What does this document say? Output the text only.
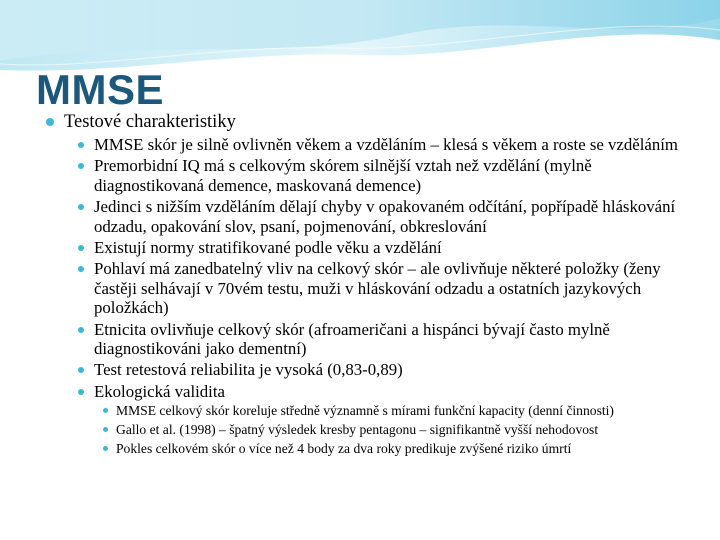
MMSE
Testové charakteristiky
MMSE skór je silně ovlivněn věkem a vzděláním – klesá s věkem a roste se vzděláním
Premorbidní IQ má s celkovým skórem silnější vztah než vzdělání (mylně diagnostikovaná demence, maskovaná demence)
Jedinci s nižším vzděláním dělají chyby v opakovaném odčítání, popřípadě hláskování odzadu, opakování slov, psaní, pojmenování, obkreslování
Existují normy stratifikované podle věku a vzdělání
Pohlaví má zanedbatelný vliv na celkový skór – ale ovlivňuje některé položky (ženy častěji selhávají v 70vém testu, muži v hláskování odzadu a ostatních jazykových položkách)
Etnicita ovlivňuje celkový skór (afroameričani a hispánci bývají často mylně diagnostikováni jako dementní)
Test retestová reliabilita je vysoká (0,83-0,89)
Ekologická validita
MMSE celkový skór koreluje středně významně s mírami funkční kapacity (denní činnosti)
Gallo et al. (1998) – špatný výsledek kresby pentagonu – signifikantně vyšší nehodovost
Pokles celkovém skór o více než 4 body za dva roky predikuje zvýšené riziko úmrtí
